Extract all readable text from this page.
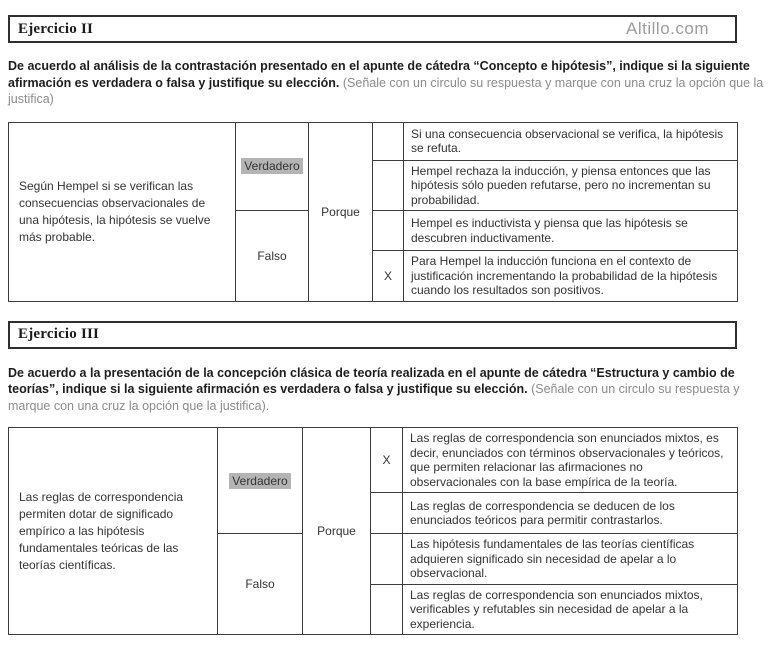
Ejercicio II	Altillo.com

De acuerdo al análisis de la contrastación presentado en el apunte de cátedra “Concepto e hipótesis”, indique si la siguiente afirmación es verdadera o falsa y justifique su elección. (Señale con un circulo su respuesta y marque con una cruz la opción que la justifica)

Según Hempel si se verifican las consecuencias observacionales de una hipótesis, la hipótesis se vuelve más probable.	Verdadero	Porque		Si una consecuencia observacional se verifica, la hipótesis se refuta.
				Hempel rechaza la inducción, y piensa entonces que las hipótesis sólo pueden refutarse, pero no incrementan su probabilidad.
	Falso			Hempel es inductivista y piensa que las hipótesis se descubren inductivamente.
			X	Para Hempel la inducción funciona en el contexto de justificación incrementando la probabilidad de la hipótesis cuando los resultados son positivos.
Ejercicio III

De acuerdo a la presentación de la concepción clásica de teoría realizada en el apunte de cátedra “Estructura y cambio de teorías”, indique si la siguiente afirmación es verdadera o falsa y justifique su elección. (Señale con un circulo su respuesta y marque con una cruz la opción que la justifica).

Las reglas de correspondencia permiten dotar de significado empírico a las hipótesis fundamentales teóricas de las teorías científicas.	Verdadero	Porque	X	Las reglas de correspondencia son enunciados mixtos, es decir, enunciados con términos observacionales y teóricos, que permiten relacionar las afirmaciones no observacionales con la base empírica de la teoría.
				Las reglas de correspondencia se deducen de los enunciados teóricos para permitir contrastarlos.
	Falso			Las hipótesis fundamentales de las teorías científicas adquieren significado sin necesidad de apelar a lo observacional.
				Las reglas de correspondencia son enunciados mixtos, verificables y refutables sin necesidad de apelar a la experiencia.
